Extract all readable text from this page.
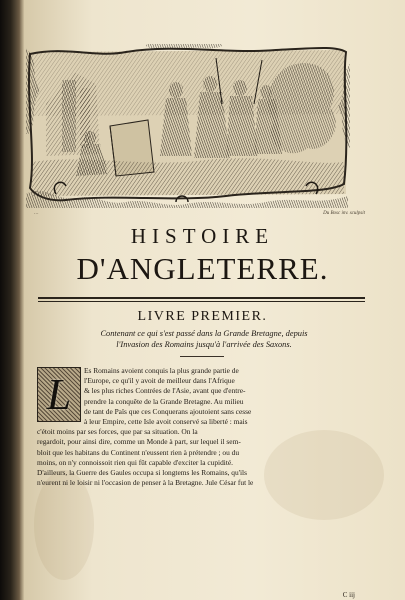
…	Du Bosc inv. sculpsit
HISTOIRE
D'ANGLETERRE.
LIVRE PREMIER.
Contenant ce qui s'est passé dans la Grande Bretagne, depuis
l'Invasion des Romains jusqu'à l'arrivée des Saxons.
L	Es Romains avoient conquis la plus grande partie de
l'Europe, ce qu'il y avoit de meilleur dans l'Afrique
& les plus riches Contrées de l'Asie, avant que d'entre-
prendre la conquête de la Grande Bretagne. Au milieu
de tant de Païs que ces Conquerans ajoutoient sans cesse
à leur Empire, cette Isle avoit conservé sa liberté : mais
c'étoit moins par ses forces, que par sa situation. On la
regardoit, pour ainsi dire, comme un Monde à part, sur lequel il sem-
bloit que les habitans du Continent n'eussent rien à prétendre ; ou du
moins, on n'y connoissoit rien qui fût capable d'exciter la cupidité.
D'ailleurs, la Guerre des Gaules occupa si longtems les Romains, qu'ils
n'eurent ni le loisir ni l'occasion de penser à la Bretagne. Jule César fut le
C iij
